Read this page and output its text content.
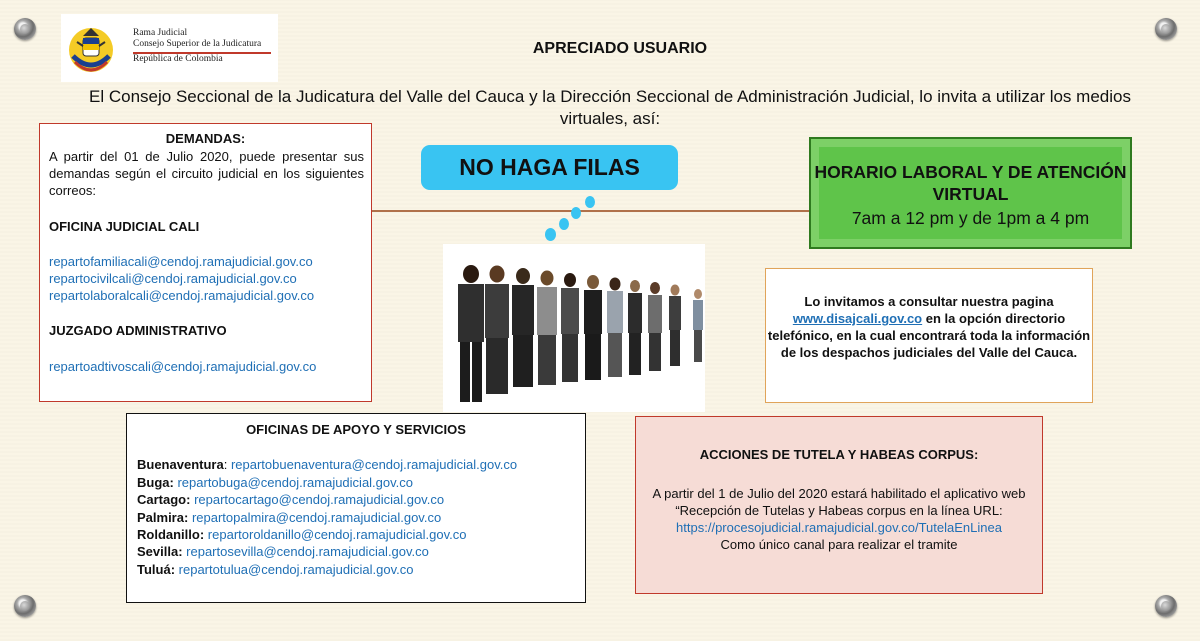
Rama Judicial
Consejo Superior de la Judicatura
República de Colombia
APRECIADO USUARIO
El Consejo Seccional de la Judicatura del Valle del Cauca y la Dirección Seccional de Administración Judicial, lo invita a utilizar los medios virtuales, así:
DEMANDAS:
A partir del 01 de Julio 2020, puede presentar sus demandas según el circuito judicial en los siguientes correos:
OFICINA JUDICIAL CALI
repartofamiliacali@cendoj.ramajudicial.gov.co
repartocivilcali@cendoj.ramajudicial.gov.co
repartolaboralcali@cendoj.ramajudicial.gov.co
JUZGADO ADMINISTRATIVO
repartoadtivoscali@cendoj.ramajudicial.gov.co
NO HAGA FILAS	HORARIO LABORAL Y DE ATENCIÓN VIRTUAL
7am a 12 pm y de 1pm a 4 pm
Lo invitamos a consultar nuestra pagina
www.disajcali.gov.co en la opción directorio telefónico, en la cual encontrará toda la información de los despachos judiciales del Valle del Cauca.
OFICINAS DE APOYO Y SERVICIOS
Buenaventura: repartobuenaventura@cendoj.ramajudicial.gov.co
Buga: repartobuga@cendoj.ramajudicial.gov.co
Cartago: repartocartago@cendoj.ramajudicial.gov.co
Palmira: repartopalmira@cendoj.ramajudicial.gov.co
Roldanillo: repartoroldanillo@cendoj.ramajudicial.gov.co
Sevilla: repartosevilla@cendoj.ramajudicial.gov.co
Tuluá: repartotulua@cendoj.ramajudicial.gov.co
ACCIONES DE TUTELA Y HABEAS CORPUS:
A partir del 1 de Julio del 2020 estará habilitado el aplicativo web “Recepción de Tutelas y Habeas corpus en la línea URL:
https://procesojudicial.ramajudicial.gov.co/TutelaEnLinea
Como único canal para realizar el tramite
